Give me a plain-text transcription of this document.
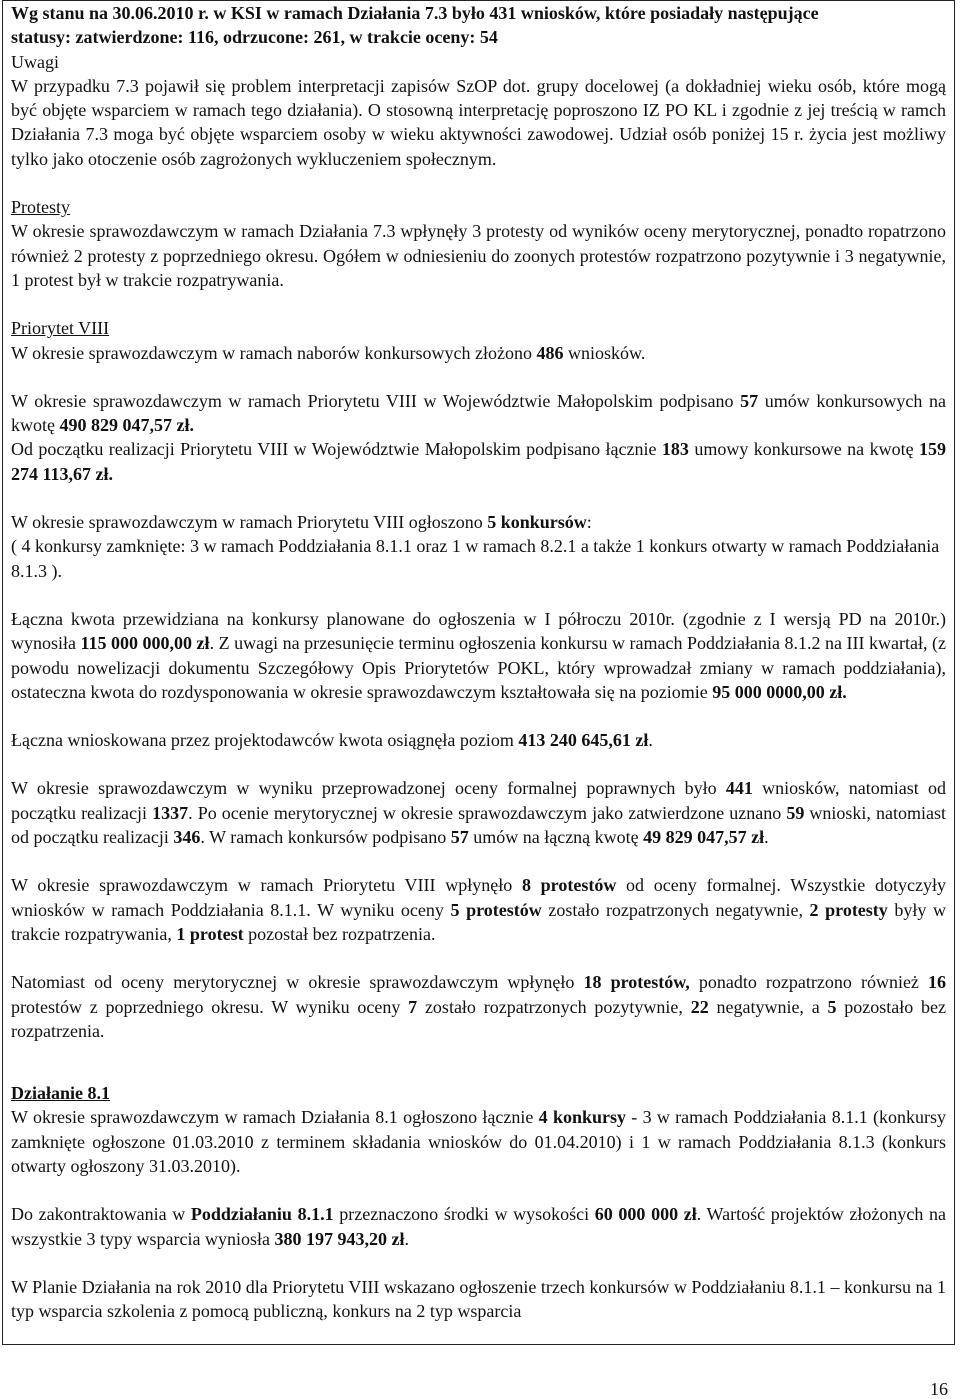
Wg stanu na 30.06.2010 r. w KSI w ramach Działania 7.3 było 431 wniosków, które posiadały następujące
statusy: zatwierdzone: 116, odrzucone: 261, w trakcie oceny: 54

Uwagi

W przypadku 7.3 pojawił się problem interpretacji zapisów SzOP dot. grupy docelowej (a dokładniej wieku osób, które mogą być objęte wsparciem w ramach tego działania). O stosowną interpretację poproszono IZ PO KL i zgodnie z jej treścią w ramch Działania 7.3 moga być objęte wsparciem osoby w wieku aktywności zawodowej. Udział osób poniżej 15 r. życia jest możliwy tylko jako otoczenie osób zagrożonych wykluczeniem społecznym.

Protesty

W okresie sprawozdawczym w ramach Działania 7.3 wpłynęły 3 protesty od wyników oceny merytorycznej, ponadto ropatrzono również 2 protesty z poprzedniego okresu. Ogółem w odniesieniu do zoonych protestów rozpatrzono pozytywnie i 3 negatywnie, 1 protest był w trakcie rozpatrywania.

Priorytet VIII

W okresie sprawozdawczym w ramach naborów konkursowych złożono 486 wniosków.

W okresie sprawozdawczym w ramach Priorytetu VIII w Województwie Małopolskim podpisano 57 umów konkursowych na kwotę 490 829 047,57 zł.

Od początku realizacji Priorytetu VIII w Województwie Małopolskim podpisano łącznie 183 umowy konkursowe na kwotę 159 274 113,67 zł.

W okresie sprawozdawczym w ramach Priorytetu VIII ogłoszono 5 konkursów:
( 4 konkursy zamknięte: 3 w ramach Poddziałania 8.1.1 oraz 1 w ramach 8.2.1 a także 1 konkurs otwarty w ramach Poddziałania 8.1.3 ).

Łączna kwota przewidziana na konkursy planowane do ogłoszenia w I półroczu 2010r. (zgodnie z I wersją PD na 2010r.) wynosiła 115 000 000,00 zł. Z uwagi na przesunięcie terminu ogłoszenia konkursu w ramach Poddziałania 8.1.2 na III kwartał, (z powodu nowelizacji dokumentu Szczegółowy Opis Priorytetów POKL, który wprowadzał zmiany w ramach poddziałania), ostateczna kwota do rozdysponowania w okresie sprawozdawczym kształtowała się na poziomie 95 000 0000,00 zł.

Łączna wnioskowana przez projektodawców kwota osiągnęła poziom 413 240 645,61 zł.

W okresie sprawozdawczym w wyniku przeprowadzonej oceny formalnej poprawnych było 441 wniosków, natomiast od początku realizacji 1337. Po ocenie merytorycznej w okresie sprawozdawczym jako zatwierdzone uznano 59 wnioski, natomiast od początku realizacji 346. W ramach konkursów podpisano 57 umów na łączną kwotę 49 829 047,57 zł.

W okresie sprawozdawczym w ramach Priorytetu VIII wpłynęło 8 protestów od oceny formalnej. Wszystkie dotyczyły wniosków w ramach Poddziałania 8.1.1. W wyniku oceny 5 protestów zostało rozpatrzonych negatywnie, 2 protesty były w trakcie rozpatrywania, 1 protest pozostał bez rozpatrzenia.

Natomiast od oceny merytorycznej w okresie sprawozdawczym wpłynęło 18 protestów, ponadto rozpatrzono również 16 protestów z poprzedniego okresu. W wyniku oceny 7 zostało rozpatrzonych pozytywnie, 22 negatywnie, a 5 pozostało bez rozpatrzenia.

Działanie 8.1

W okresie sprawozdawczym w ramach Działania 8.1 ogłoszono łącznie 4 konkursy - 3 w ramach Poddziałania 8.1.1 (konkursy zamknięte ogłoszone 01.03.2010 z terminem składania wniosków do 01.04.2010) i 1 w ramach Poddziałania 8.1.3 (konkurs otwarty ogłoszony 31.03.2010).

Do zakontraktowania w Poddziałaniu 8.1.1 przeznaczono środki w wysokości 60 000 000 zł. Wartość projektów złożonych na wszystkie 3 typy wsparcia wyniosła 380 197 943,20 zł.

W Planie Działania na rok 2010 dla Priorytetu VIII wskazano ogłoszenie trzech konkursów w Poddziałaniu 8.1.1 – konkursu na 1 typ wsparcia szkolenia z pomocą publiczną, konkurs na 2 typ wsparcia

16
